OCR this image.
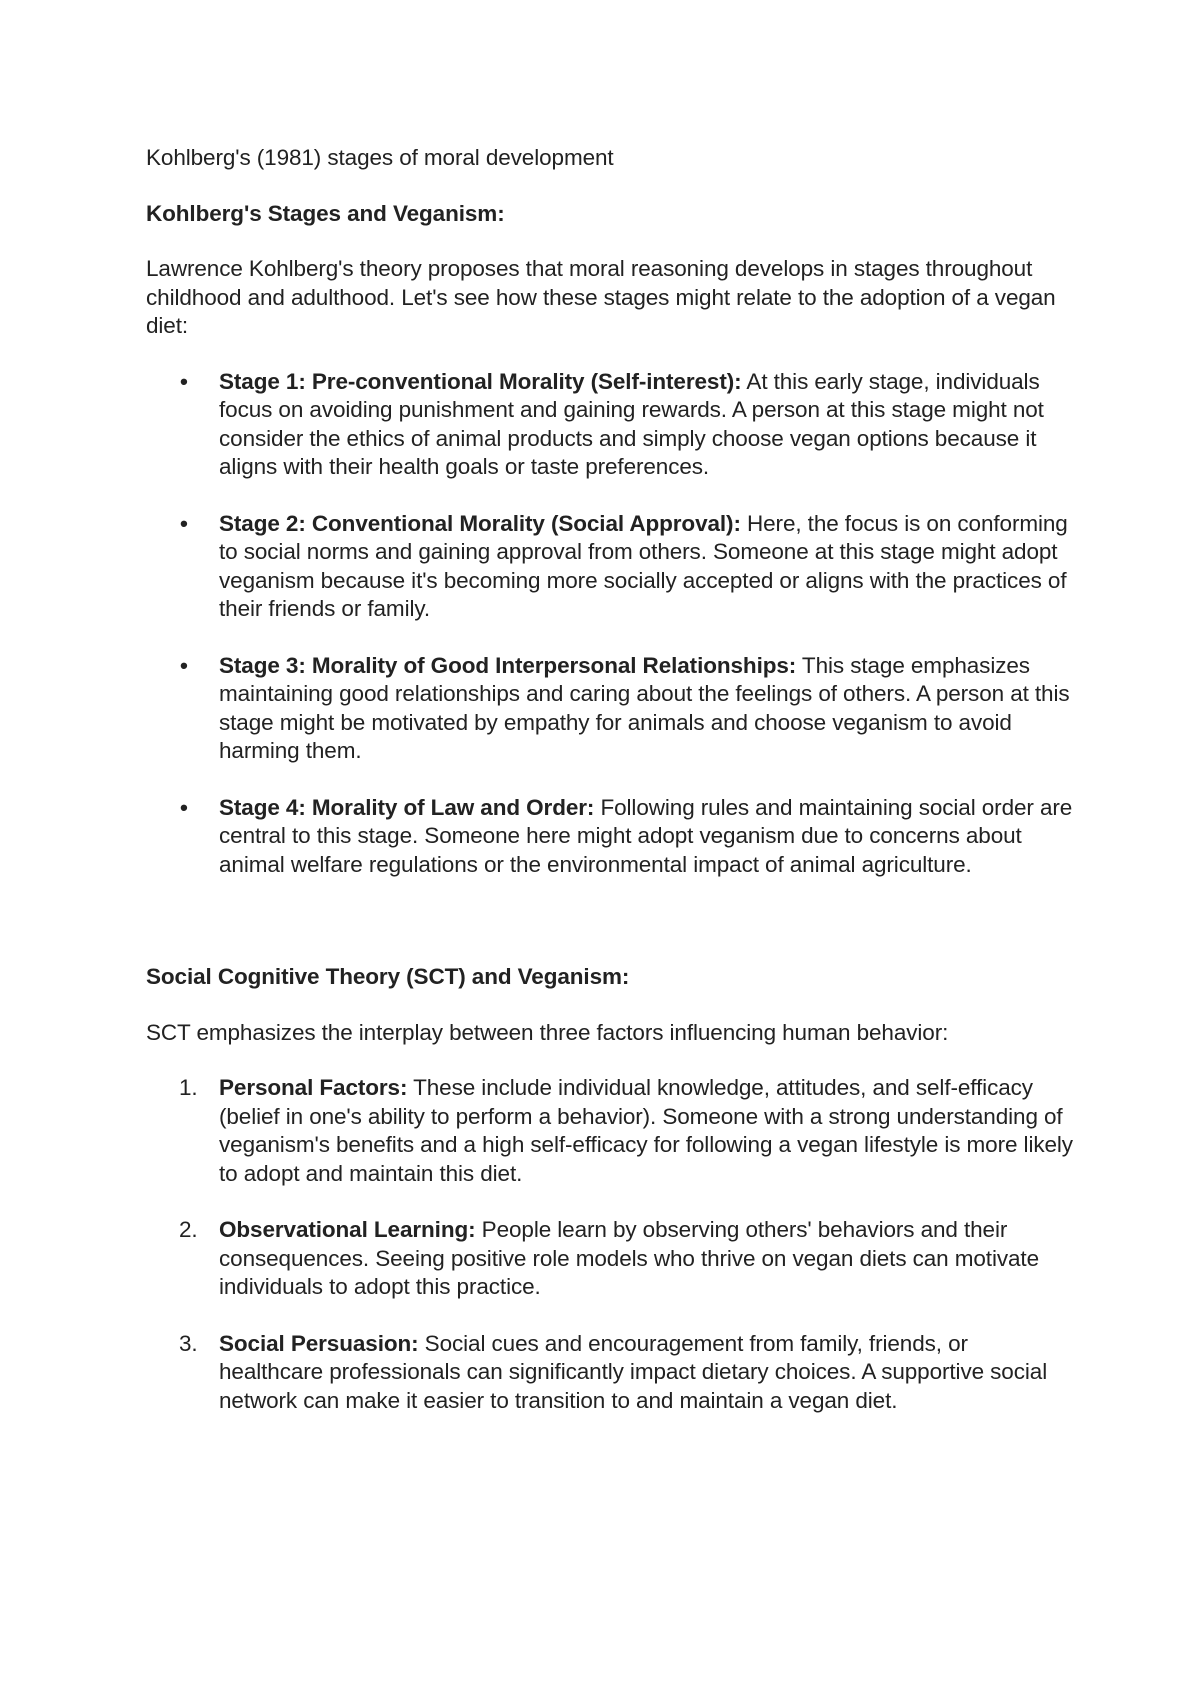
Kohlberg's (1981) stages of moral development

Kohlberg's Stages and Veganism:

Lawrence Kohlberg's theory proposes that moral reasoning develops in stages throughout childhood and adulthood. Let's see how these stages might relate to the adoption of a vegan diet:

• Stage 1: Pre-conventional Morality (Self-interest): At this early stage, individuals focus on avoiding punishment and gaining rewards. A person at this stage might not consider the ethics of animal products and simply choose vegan options because it aligns with their health goals or taste preferences.
• Stage 2: Conventional Morality (Social Approval): Here, the focus is on conforming to social norms and gaining approval from others. Someone at this stage might adopt veganism because it's becoming more socially accepted or aligns with the practices of their friends or family.
• Stage 3: Morality of Good Interpersonal Relationships: This stage emphasizes maintaining good relationships and caring about the feelings of others. A person at this stage might be motivated by empathy for animals and choose veganism to avoid harming them.
• Stage 4: Morality of Law and Order: Following rules and maintaining social order are central to this stage. Someone here might adopt veganism due to concerns about animal welfare regulations or the environmental impact of animal agriculture.

Social Cognitive Theory (SCT) and Veganism:

SCT emphasizes the interplay between three factors influencing human behavior:

1. Personal Factors: These include individual knowledge, attitudes, and self-efficacy (belief in one's ability to perform a behavior). Someone with a strong understanding of veganism's benefits and a high self-efficacy for following a vegan lifestyle is more likely to adopt and maintain this diet.
2. Observational Learning: People learn by observing others' behaviors and their consequences. Seeing positive role models who thrive on vegan diets can motivate individuals to adopt this practice.
3. Social Persuasion: Social cues and encouragement from family, friends, or healthcare professionals can significantly impact dietary choices. A supportive social network can make it easier to transition to and maintain a vegan diet.
